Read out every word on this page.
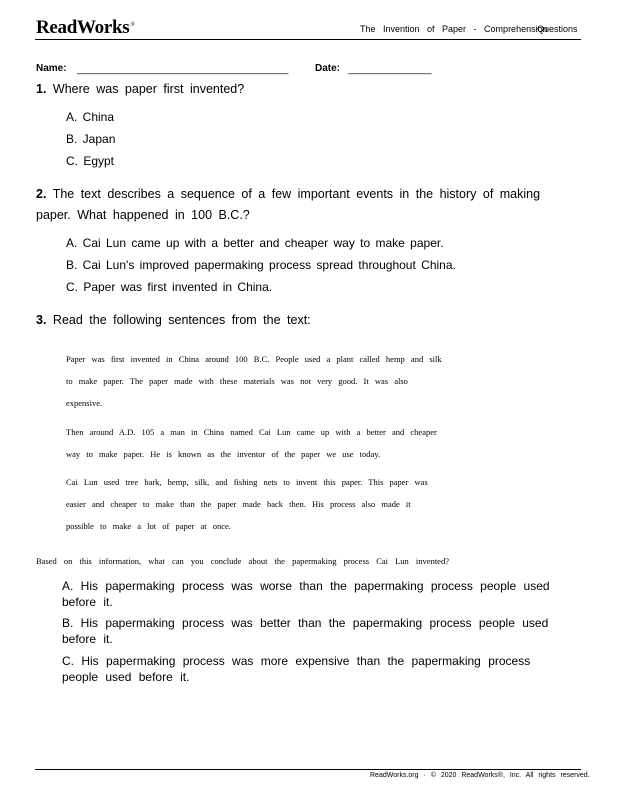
ReadWorks®	The Invention of Paper - Comprehension
Questions
Name: ______________________________________	Date: _______________
1. Where was paper first invented?
A. China
B. Japan
C. Egypt
2. The text describes a sequence of a few important events in the history of making
paper. What happened in 100 B.C.?
A. Cai Lun came up with a better and cheaper way to make paper.
B. Cai Lun's improved papermaking process spread throughout China.
C. Paper was first invented in China.
3. Read the following sentences from the text:
Paper was first invented in China around 100 B.C. People used a plant called hemp and silk
to make paper. The paper made with these materials was not very good. It was also
expensive.
Then around A.D. 105 a man in China named Cai Lun came up with a better and cheaper
way to make paper. He is known as the inventor of the paper we use today.
Cai Lun used tree bark, hemp, silk, and fishing nets to invent this paper. This paper was
easier and cheaper to make than the paper made back then. His process also made it
possible to make a lot of paper at once.
Based on this information, what can you conclude about the papermaking process Cai Lun invented?
A. His papermaking process was worse than the papermaking process people used before it.
B. His papermaking process was better than the papermaking process people used before it.
C. His papermaking process was more expensive than the papermaking process people used before it.
ReadWorks.org · © 2020 ReadWorks®, Inc. All rights reserved.
